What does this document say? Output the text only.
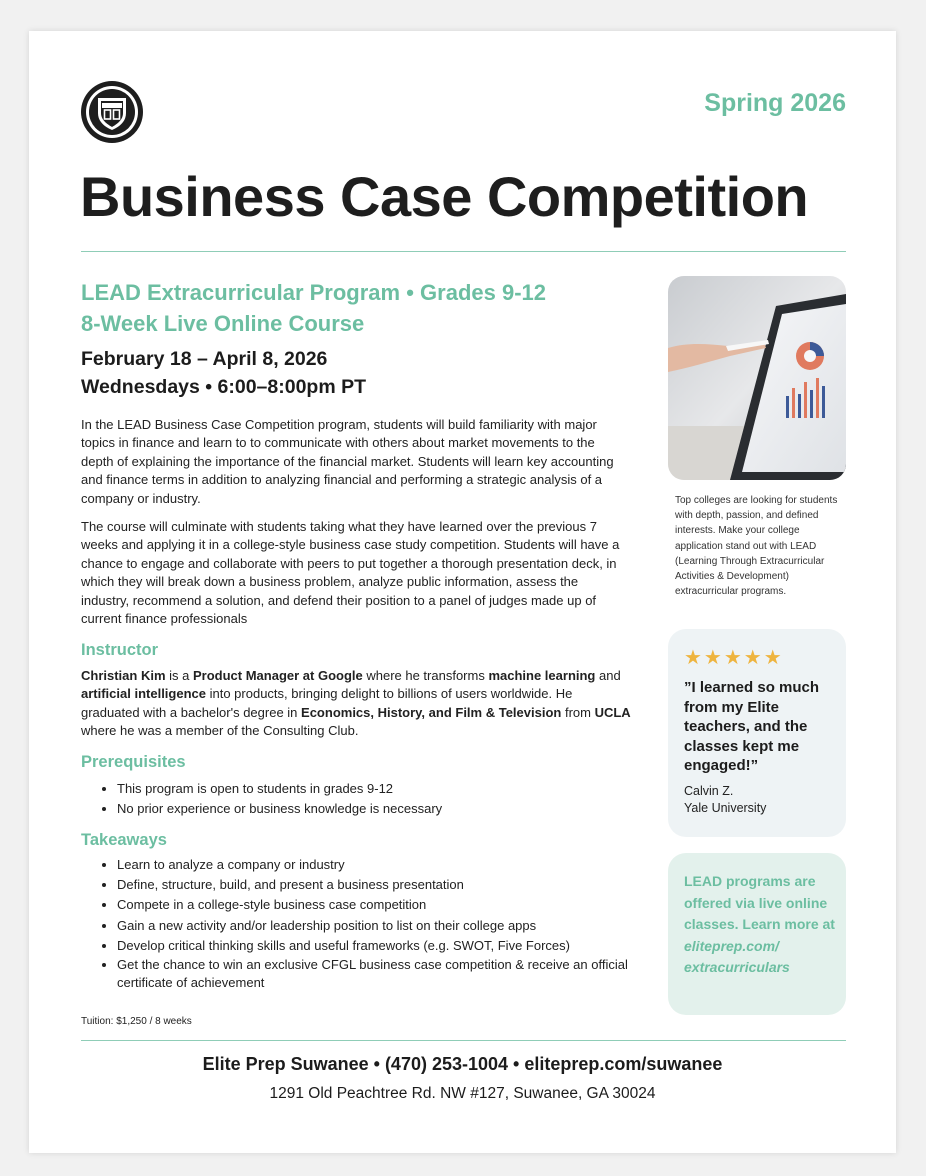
Spring 2026
Business Case Competition
LEAD Extracurricular Program • Grades 9-12
8-Week Live Online Course
February 18 – April 8, 2026
Wednesdays • 6:00–8:00pm PT
In the LEAD Business Case Competition program, students will build familiarity with major topics in finance and learn to to communicate with others about market movements to the depth of explaining the importance of the financial market. Students will learn key accounting and finance terms in addition to analyzing financial and performing a strategic analysis of a company or industry.
The course will culminate with students taking what they have learned over the previous 7 weeks and applying it in a college-style business case study competition. Students will have a chance to engage and collaborate with peers to put together a thorough presentation deck, in which they will break down a business problem, analyze public information, assess the industry, recommend a solution, and defend their position to a panel of judges made up of current finance professionals
Instructor
Christian Kim is a Product Manager at Google where he transforms machine learning and artificial intelligence into products, bringing delight to billions of users worldwide. He graduated with a bachelor's degree in Economics, History, and Film & Television from UCLA where he was a member of the Consulting Club.
Prerequisites
• This program is open to students in grades 9-12
• No prior experience or business knowledge is necessary
Takeaways
• Learn to analyze a company or industry
• Define, structure, build, and present a business presentation
• Compete in a college-style business case competition
• Gain a new activity and/or leadership position to list on their college apps
• Develop critical thinking skills and useful frameworks (e.g. SWOT, Five Forces)
• Get the chance to win an exclusive CFGL business case competition & receive an official certificate of achievement
Tuition: $1,250 / 8 weeks
Top colleges are looking for students with depth, passion, and defined interests. Make your college application stand out with LEAD (Learning Through Extracurricular Activities & Development) extracurricular programs.
★★★★★
”I learned so much from my Elite teachers, and the classes kept me engaged!”
Calvin Z.
Yale University
LEAD programs are offered via live online classes. Learn more at eliteprep.com/ extracurriculars
Elite Prep Suwanee • (470) 253-1004 • eliteprep.com/suwanee
1291 Old Peachtree Rd. NW #127, Suwanee, GA 30024
